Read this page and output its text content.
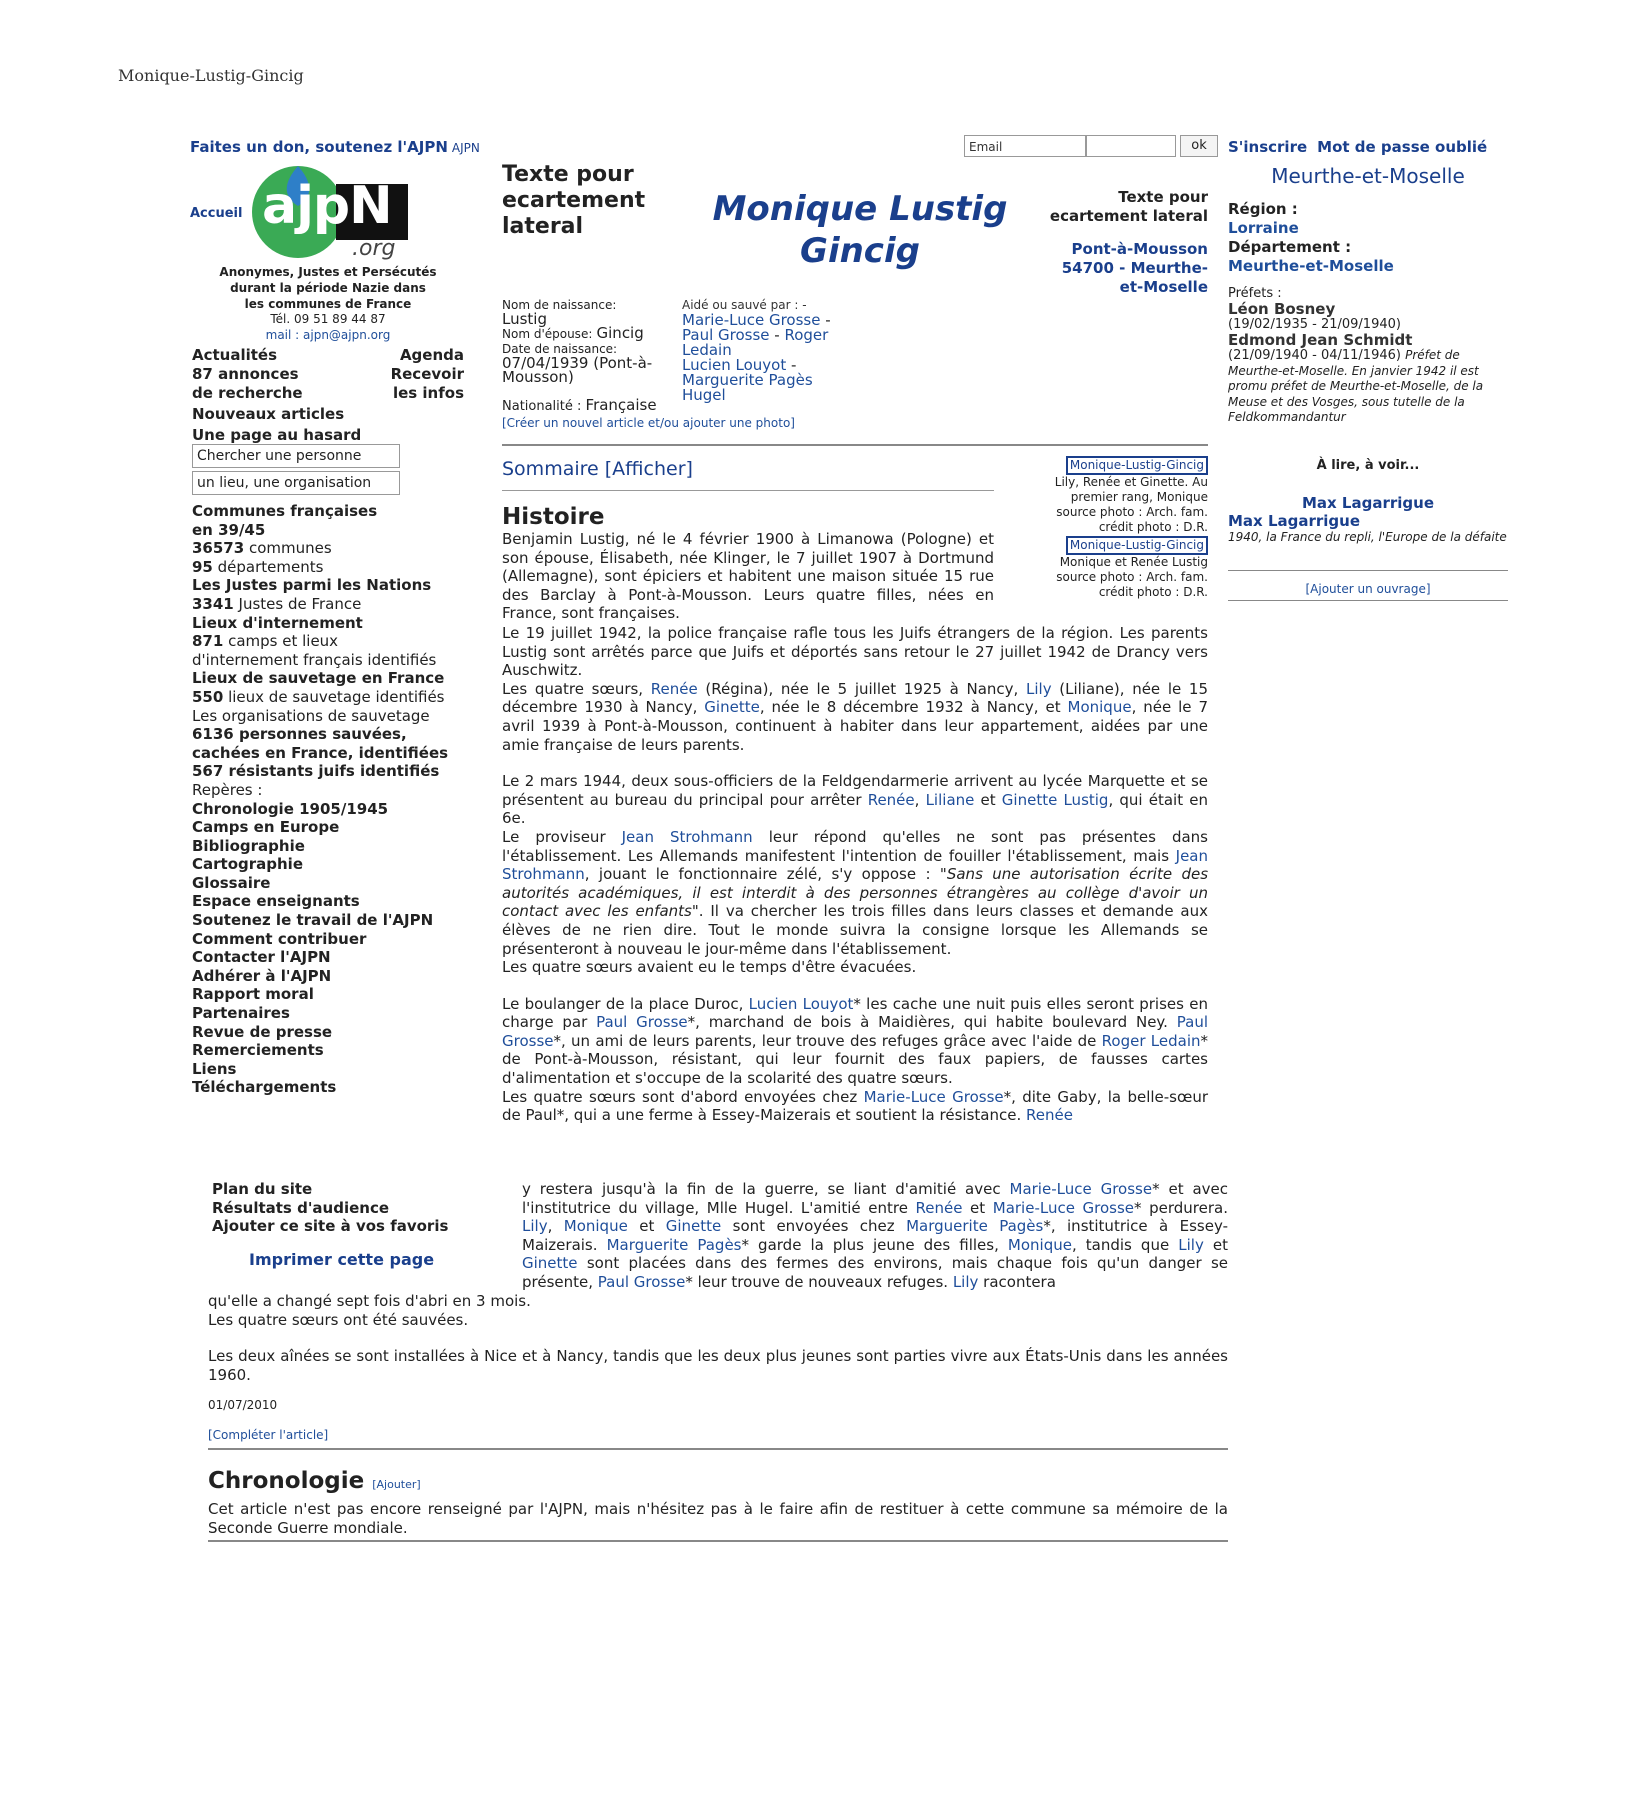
Monique-Lustig-Gincig
Faites un don, soutenez l'AJPN AJPN	Email	ok	S'inscrire Mot de passe oublié
Accueil ajpN
.org
Anonymes, Justes et Persécutés
durant la période Nazie dans
les communes de France
Tél. 09 51 89 44 87
mail : ajpn@ajpn.org
Actualités	Agenda
87 annonces	Recevoir
de recherche	les infos
Nouveaux articles
Une page au hasard
Chercher une personne
un lieu, une organisation
Communes françaises
en 39/45
36573 communes
95 départements
Les Justes parmi les Nations
3341 Justes de France
Lieux d'internement
871 camps et lieux
d'internement français identifiés
Lieux de sauvetage en France
550 lieux de sauvetage identifiés
Les organisations de sauvetage
6136 personnes sauvées,
cachées en France, identifiées
567 résistants juifs identifiés
Repères :
Chronologie 1905/1945
Camps en Europe
Bibliographie
Cartographie
Glossaire
Espace enseignants
Soutenez le travail de l'AJPN
Comment contribuer
Contacter l'AJPN
Adhérer à l'AJPN
Rapport moral
Partenaires
Revue de presse
Remerciements
Liens
Téléchargements
Plan du site
Résultats d'audience
Ajouter ce site à vos favoris
Imprimer cette page
Texte pour
ecartement
lateral	Monique Lustig
Gincig
Texte pour
ecartement lateral
Pont-à-Mousson
54700 - Meurthe-
et-Moselle
Nom de naissance:
Lustig
Nom d'épouse: Gincig
Date de naissance:
07/04/1939 (Pont-à-Mousson)
Aidé ou sauvé par : -
Marie-Luce Grosse -
Paul Grosse - Roger Ledain
Lucien Louyot - Marguerite Pagès
Hugel
Nationalité : Française
[Créer un nouvel article et/ou ajouter une photo]
Sommaire [Afficher]	Monique-Lustig-Gincig
Lily, Renée et Ginette. Au premier rang, Monique
source photo : Arch. fam.
crédit photo : D.R.
Monique-Lustig-Gincig
Monique et Renée Lustig
source photo : Arch. fam.
crédit photo : D.R.
Histoire
Benjamin Lustig, né le 4 février 1900 à Limanowa (Pologne) et son épouse, Élisabeth, née Klinger, le 7 juillet 1907 à Dortmund (Allemagne), sont épiciers et habitent une maison située 15 rue des Barclay à Pont-à-Mousson. Leurs quatre filles, nées en France, sont françaises.

Le 19 juillet 1942, la police française rafle tous les Juifs étrangers de la région. Les parents Lustig sont arrêtés parce que Juifs et déportés sans retour le 27 juillet 1942 de Drancy vers Auschwitz.

Les quatre sœurs, Renée (Régina), née le 5 juillet 1925 à Nancy, Lily (Liliane), née le 15 décembre 1930 à Nancy, Ginette, née le 8 décembre 1932 à Nancy, et Monique, née le 7 avril 1939 à Pont-à-Mousson, continuent à habiter dans leur appartement, aidées par une amie française de leurs parents.

Le 2 mars 1944, deux sous-officiers de la Feldgendarmerie arrivent au lycée Marquette et se présentent au bureau du principal pour arrêter Renée, Liliane et Ginette Lustig, qui était en 6e.

Le proviseur Jean Strohmann leur répond qu'elles ne sont pas présentes dans l'établissement. Les Allemands manifestent l'intention de fouiller l'établissement, mais Jean Strohmann, jouant le fonctionnaire zélé, s'y oppose : "Sans une autorisation écrite des autorités académiques, il est interdit à des personnes étrangères au collège d'avoir un contact avec les enfants". Il va chercher les trois filles dans leurs classes et demande aux élèves de ne rien dire. Tout le monde suivra la consigne lorsque les Allemands se présenteront à nouveau le jour-même dans l'établissement.

Les quatre sœurs avaient eu le temps d'être évacuées.

Le boulanger de la place Duroc, Lucien Louyot* les cache une nuit puis elles seront prises en charge par Paul Grosse*, marchand de bois à Maidières, qui habite boulevard Ney. Paul Grosse*, un ami de leurs parents, leur trouve des refuges grâce avec l'aide de Roger Ledain* de Pont-à-Mousson, résistant, qui leur fournit des faux papiers, de fausses cartes d'alimentation et s'occupe de la scolarité des quatre sœurs.

Les quatre sœurs sont d'abord envoyées chez Marie-Luce Grosse*, dite Gaby, la belle-sœur de Paul*, qui a une ferme à Essey-Maizerais et soutient la résistance. Renée

y restera jusqu'à la fin de la guerre, se liant d'amitié avec Marie-Luce Grosse* et avec l'institutrice du village, Mlle Hugel. L'amitié entre Renée et Marie-Luce Grosse* perdurera. Lily, Monique et Ginette sont envoyées chez Marguerite Pagès*, institutrice à Essey-Maizerais. Marguerite Pagès* garde la plus jeune des filles, Monique, tandis que Lily et Ginette sont placées dans des fermes des environs, mais chaque fois qu'un danger se présente, Paul Grosse* leur trouve de nouveaux refuges. Lily racontera

qu'elle a changé sept fois d'abri en 3 mois.

Les quatre sœurs ont été sauvées.

Les deux aînées se sont installées à Nice et à Nancy, tandis que les deux plus jeunes sont parties vivre aux États-Unis dans les années 1960.

01/07/2010
[Compléter l'article]
Chronologie [Ajouter]
Cet article n'est pas encore renseigné par l'AJPN, mais n'hésitez pas à le faire afin de restituer à cette commune sa mémoire de la Seconde Guerre mondiale.
Meurthe-et-Moselle
Région :
Lorraine
Département :
Meurthe-et-Moselle
Préfets :
Léon Bosney
(19/02/1935 - 21/09/1940)
Edmond Jean Schmidt
(21/09/1940 - 04/11/1946) Préfet de Meurthe-et-Moselle. En janvier 1942 il est promu préfet de Meurthe-et-Moselle, de la Meuse et des Vosges, sous tutelle de la Feldkommandantur
À lire, à voir...
Max Lagarrigue
Max Lagarrigue
1940, la France du repli, l'Europe de la défaite
[Ajouter un ouvrage]
